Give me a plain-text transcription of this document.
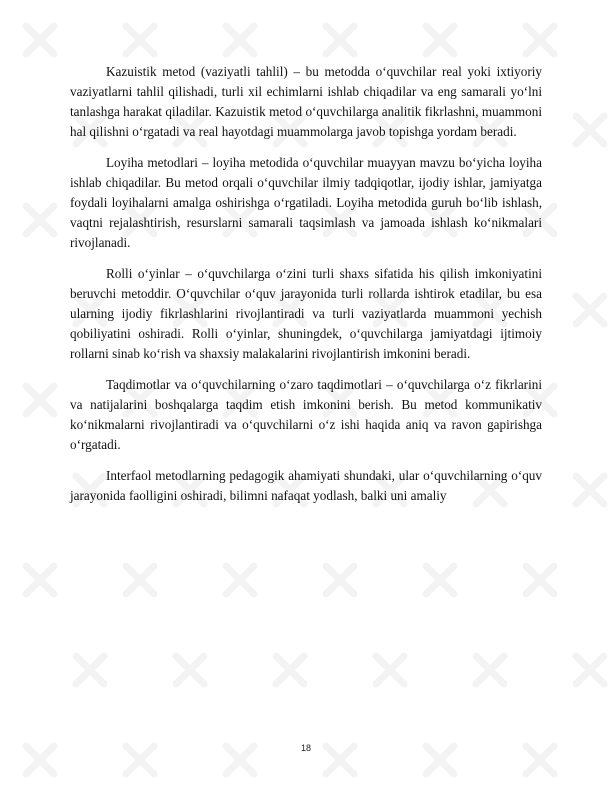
Kazuistik metod (vaziyatli tahlil) – bu metodda o‘quvchilar real yoki ixtiyoriy vaziyatlarni tahlil qilishadi, turli xil echimlarni ishlab chiqadilar va eng samarali yo‘lni tanlashga harakat qiladilar. Kazuistik metod o‘quvchilarga analitik fikrlashni, muammoni hal qilishni o‘rgatadi va real hayotdagi muammolarga javob topishga yordam beradi.

Loyiha metodlari – loyiha metodida o‘quvchilar muayyan mavzu bo‘yicha loyiha ishlab chiqadilar. Bu metod orqali o‘quvchilar ilmiy tadqiqotlar, ijodiy ishlar, jamiyatga foydali loyihalarni amalga oshirishga o‘rgatiladi. Loyiha metodida guruh bo‘lib ishlash, vaqtni rejalashtirish, resurslarni samarali taqsimlash va jamoada ishlash ko‘nikmalari rivojlanadi.

Rolli o‘yinlar – o‘quvchilarga o‘zini turli shaxs sifatida his qilish imkoniyatini beruvchi metoddir. O‘quvchilar o‘quv jarayonida turli rollarda ishtirok etadilar, bu esa ularning ijodiy fikrlashlarini rivojlantiradi va turli vaziyatlarda muammoni yechish qobiliyatini oshiradi. Rolli o‘yinlar, shuningdek, o‘quvchilarga jamiyatdagi ijtimoiy rollarni sinab ko‘rish va shaxsiy malakalarini rivojlantirish imkonini beradi.

Taqdimotlar va o‘quvchilarning o‘zaro taqdimotlari – o‘quvchilarga o‘z fikrlarini va natijalarini boshqalarga taqdim etish imkonini berish. Bu metod kommunikativ ko‘nikmalarni rivojlantiradi va o‘quvchilarni o‘z ishi haqida aniq va ravon gapirishga o‘rgatadi.

Interfaol metodlarning pedagogik ahamiyati shundaki, ular o‘quvchilarning o‘quv jarayonida faolligini oshiradi, bilimni nafaqat yodlash, balki uni amaliy

18
